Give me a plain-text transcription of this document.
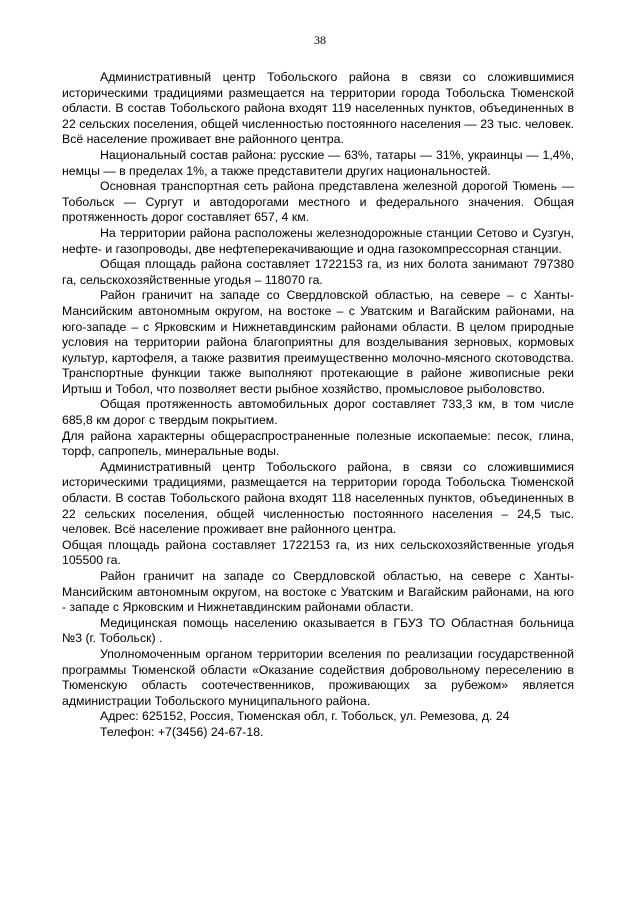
38

Административный центр Тобольского района в связи со сложившимися историческими традициями размещается на территории города Тобольска Тюменской области. В состав Тобольского района входят 119 населенных пунктов, объединенных в 22 сельских поселения, общей численностью постоянного населения — 23 тыс. человек. Всё население проживает вне районного центра.

Национальный состав района: русские — 63%, татары — 31%, украинцы — 1,4%, немцы — в пределах 1%, а также представители других национальностей.

Основная транспортная сеть района представлена железной дорогой Тюмень — Тобольск — Сургут и автодорогами местного и федерального значения. Общая протяженность дорог составляет 657, 4 км.

На территории района расположены железнодорожные станции Сетово и Сузгун, нефте- и газопроводы, две нефтеперекачивающие и одна газокомпрессорная станции.

Общая площадь района составляет 1722153 га, из них болота занимают 797380 га, сельскохозяйственные угодья – 118070 га.

Район граничит на западе со Свердловской областью, на севере – с Ханты-Мансийским автономным округом, на востоке – с Уватским и Вагайским районами, на юго-западе – с Ярковским и Нижнетавдинским районами области. В целом природные условия на территории района благоприятны для возделывания зерновых, кормовых культур, картофеля, а также развития преимущественно молочно-мясного скотоводства. Транспортные функции также выполняют протекающие в районе живописные реки Иртыш и Тобол, что позволяет вести рыбное хозяйство, промысловое рыболовство.

Общая протяженность автомобильных дорог составляет 733,3 км, в том числе 685,8 км дорог с твердым покрытием.

Для района характерны общераспространенные полезные ископаемые: песок, глина, торф, сапропель, минеральные воды.

Административный центр Тобольского района, в связи со сложившимися историческими традициями, размещается на территории города Тобольска Тюменской области. В состав Тобольского района входят 118 населенных пунктов, объединенных в 22 сельских поселения, общей численностью постоянного населения – 24,5 тыс. человек. Всё население проживает вне районного центра.

Общая площадь района составляет 1722153 га, из них сельскохозяйственные угодья 105500 га.

Район граничит на западе со Свердловской областью, на севере с Ханты-Мансийским автономным округом, на востоке с Уватским и Вагайским районами, на юго - западе с Ярковским и Нижнетавдинским районами области.

Медицинская помощь населению оказывается в ГБУЗ ТО Областная больница №3 (г. Тобольск) .

Уполномоченным органом территории вселения по реализации государственной программы Тюменской области «Оказание содействия добровольному переселению в Тюменскую область соотечественников, проживающих за рубежом» является администрации Тобольского муниципального района.

Адрес: 625152, Россия, Тюменская обл, г. Тобольск, ул. Ремезова, д. 24

Телефон: +7(3456) 24-67-18.
